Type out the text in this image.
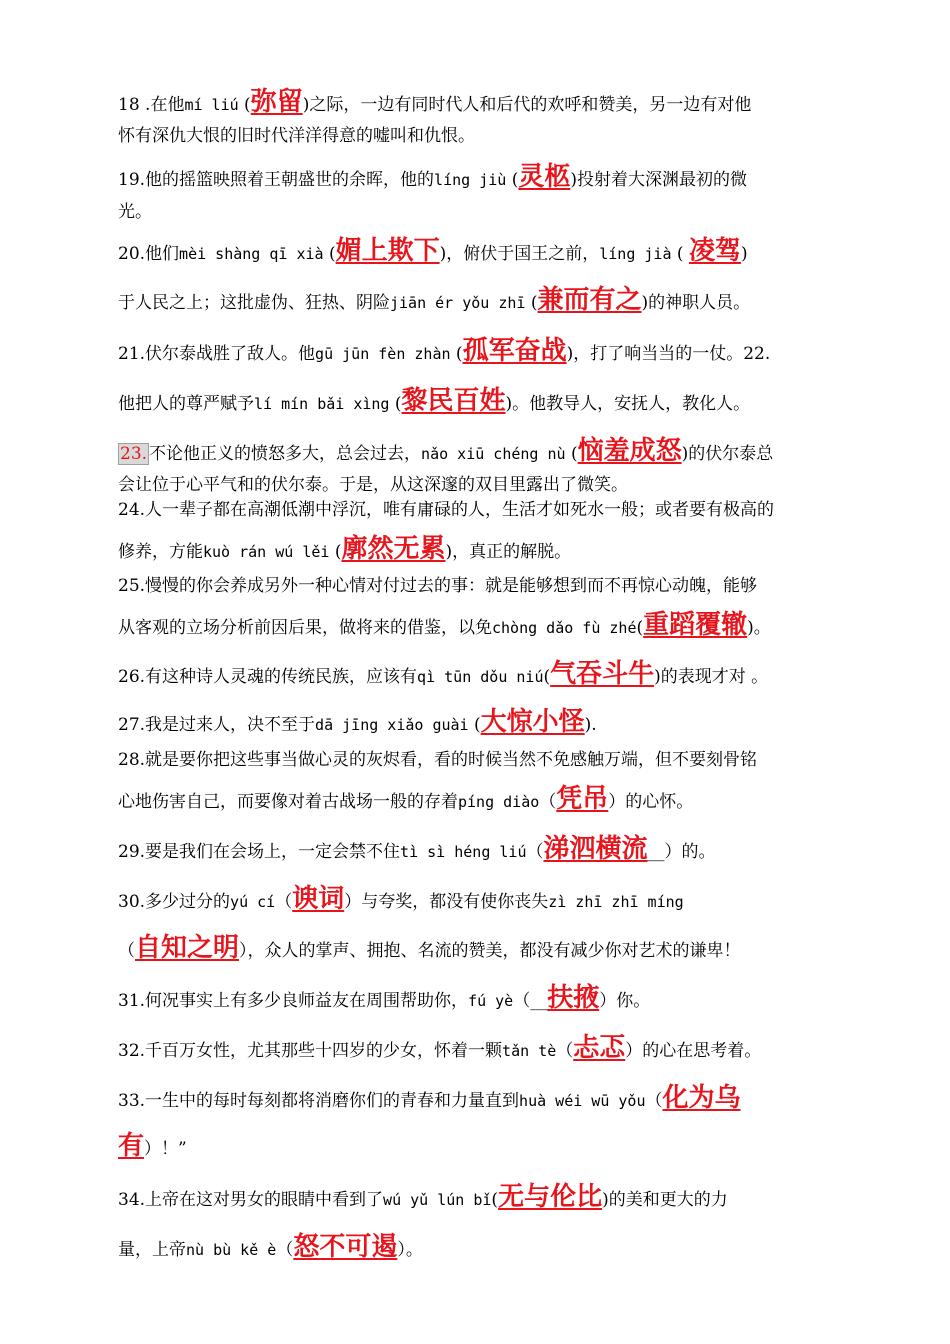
18 .在他mí liú (弥留)之际，一边有同时代人和后代的欢呼和赞美，另一边有对他
怀有深仇大恨的旧时代洋洋得意的嘘叫和仇恨。
19.他的摇篮映照着王朝盛世的余晖，他的líng jiù (灵柩)投射着大深渊最初的微
光。
20.他们mèi shàng qī xià (媚上欺下)，俯伏于国王之前，líng jià ( 凌驾)
于人民之上；这批虚伪、狂热、阴险jiān ér yǒu zhī (兼而有之)的神职人员。
21.伏尔泰战胜了敌人。他gū jūn fèn zhàn (孤军奋战)，打了响当当的一仗。22.
他把人的尊严赋予lí mín bǎi xìng (黎民百姓)。他教导人，安抚人，教化人。
23. 不论他正义的愤怒多大，总会过去，nǎo xiū chéng nù (恼羞成怒)的伏尔泰总
会让位于心平气和的伏尔泰。于是，从这深邃的双目里露出了微笑。
24.人一辈子都在高潮低潮中浮沉，唯有庸碌的人，生活才如死水一般；或者要有极高的
修养，方能kuò rán wú lěi (廓然无累)，真正的解脱。
25.慢慢的你会养成另外一种心情对付过去的事：就是能够想到而不再惊心动魄，能够
从客观的立场分析前因后果，做将来的借鉴，以免chòng dǎo fù zhé(重蹈覆辙)。
26.有这种诗人灵魂的传统民族，应该有qì tūn dǒu niú(气吞斗牛)的表现才对 。
27.我是过来人，决不至于dā jīng xiǎo guài (大惊小怪).
28.就是要你把这些事当做心灵的灰烬看，看的时候当然不免感触万端，但不要刻骨铭
心地伤害自己，而要像对着古战场一般的存着píng diào（凭吊）的心怀。
29.要是我们在会场上，一定会禁不住tì sì héng liú（涕泗横流__）的。
30.多少过分的yú cí（谀词）与夸奖，都没有使你丧失zì zhī zhī míng
（自知之明），众人的掌声、拥抱、名流的赞美，都没有减少你对艺术的谦卑！
31.何况事实上有多少良师益友在周围帮助你，fú yè（__扶掖）你。
32.千百万女性，尤其那些十四岁的少女，怀着一颗tǎn tè（忐忑）的心在思考着。
33.一生中的每时每刻都将消磨你们的青春和力量直到huà wéi wū yǒu（化为乌
有）！”
34.上帝在这对男女的眼睛中看到了wú yǔ lún bǐ(无与伦比)的美和更大的力
量，上帝nù bù kě è（怒不可遏）。
